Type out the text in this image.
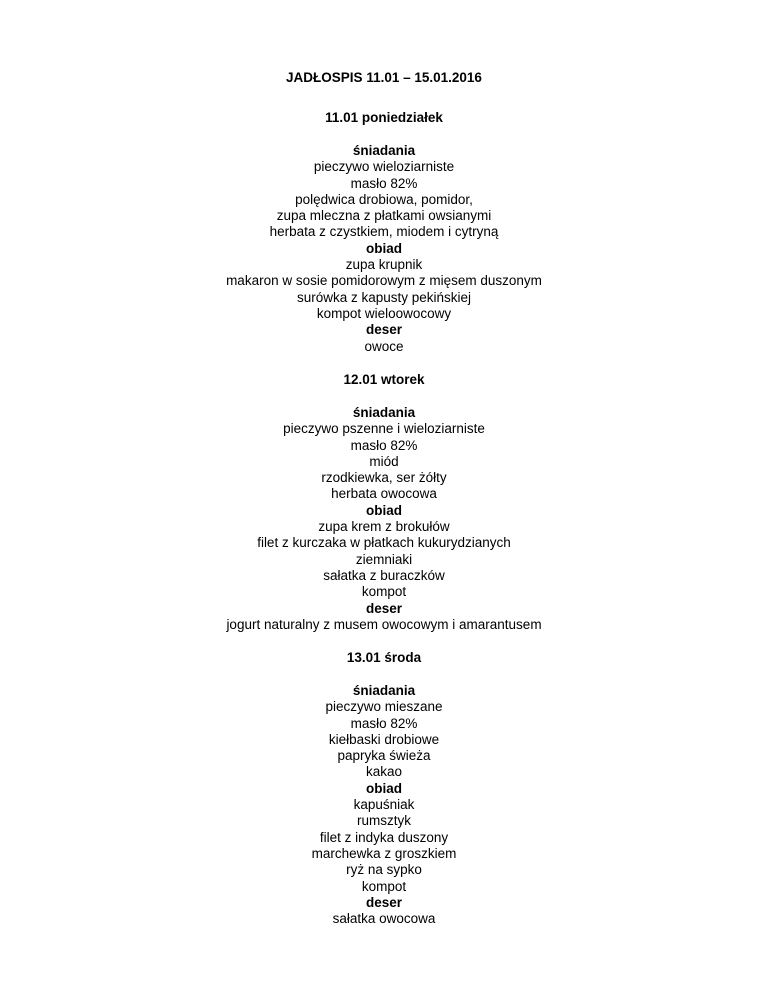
JADŁOSPIS 11.01 – 15.01.2016
11.01 poniedziałek
śniadania
pieczywo wieloziarniste
masło 82%
polędwica drobiowa, pomidor,
zupa mleczna z płatkami owsianymi
herbata z czystkiem, miodem i cytryną
obiad
zupa krupnik
makaron w sosie pomidorowym z mięsem duszonym
surówka z kapusty pekińskiej
kompot wieloowocowy
deser
owoce
12.01 wtorek
śniadania
pieczywo pszenne i wieloziarniste
masło 82%
miód
rzodkiewka, ser żółty
herbata owocowa
obiad
zupa krem z brokułów
filet z kurczaka w płatkach kukurydzianych
ziemniaki
sałatka z buraczków
kompot
deser
jogurt naturalny z musem owocowym i amarantusem
13.01 środa
śniadania
pieczywo mieszane
masło 82%
kiełbaski drobiowe
papryka świeża
kakao
obiad
kapuśniak
rumsztyk
filet z indyka duszony
marchewka z groszkiem
ryż na sypko
kompot
deser
sałatka owocowa
